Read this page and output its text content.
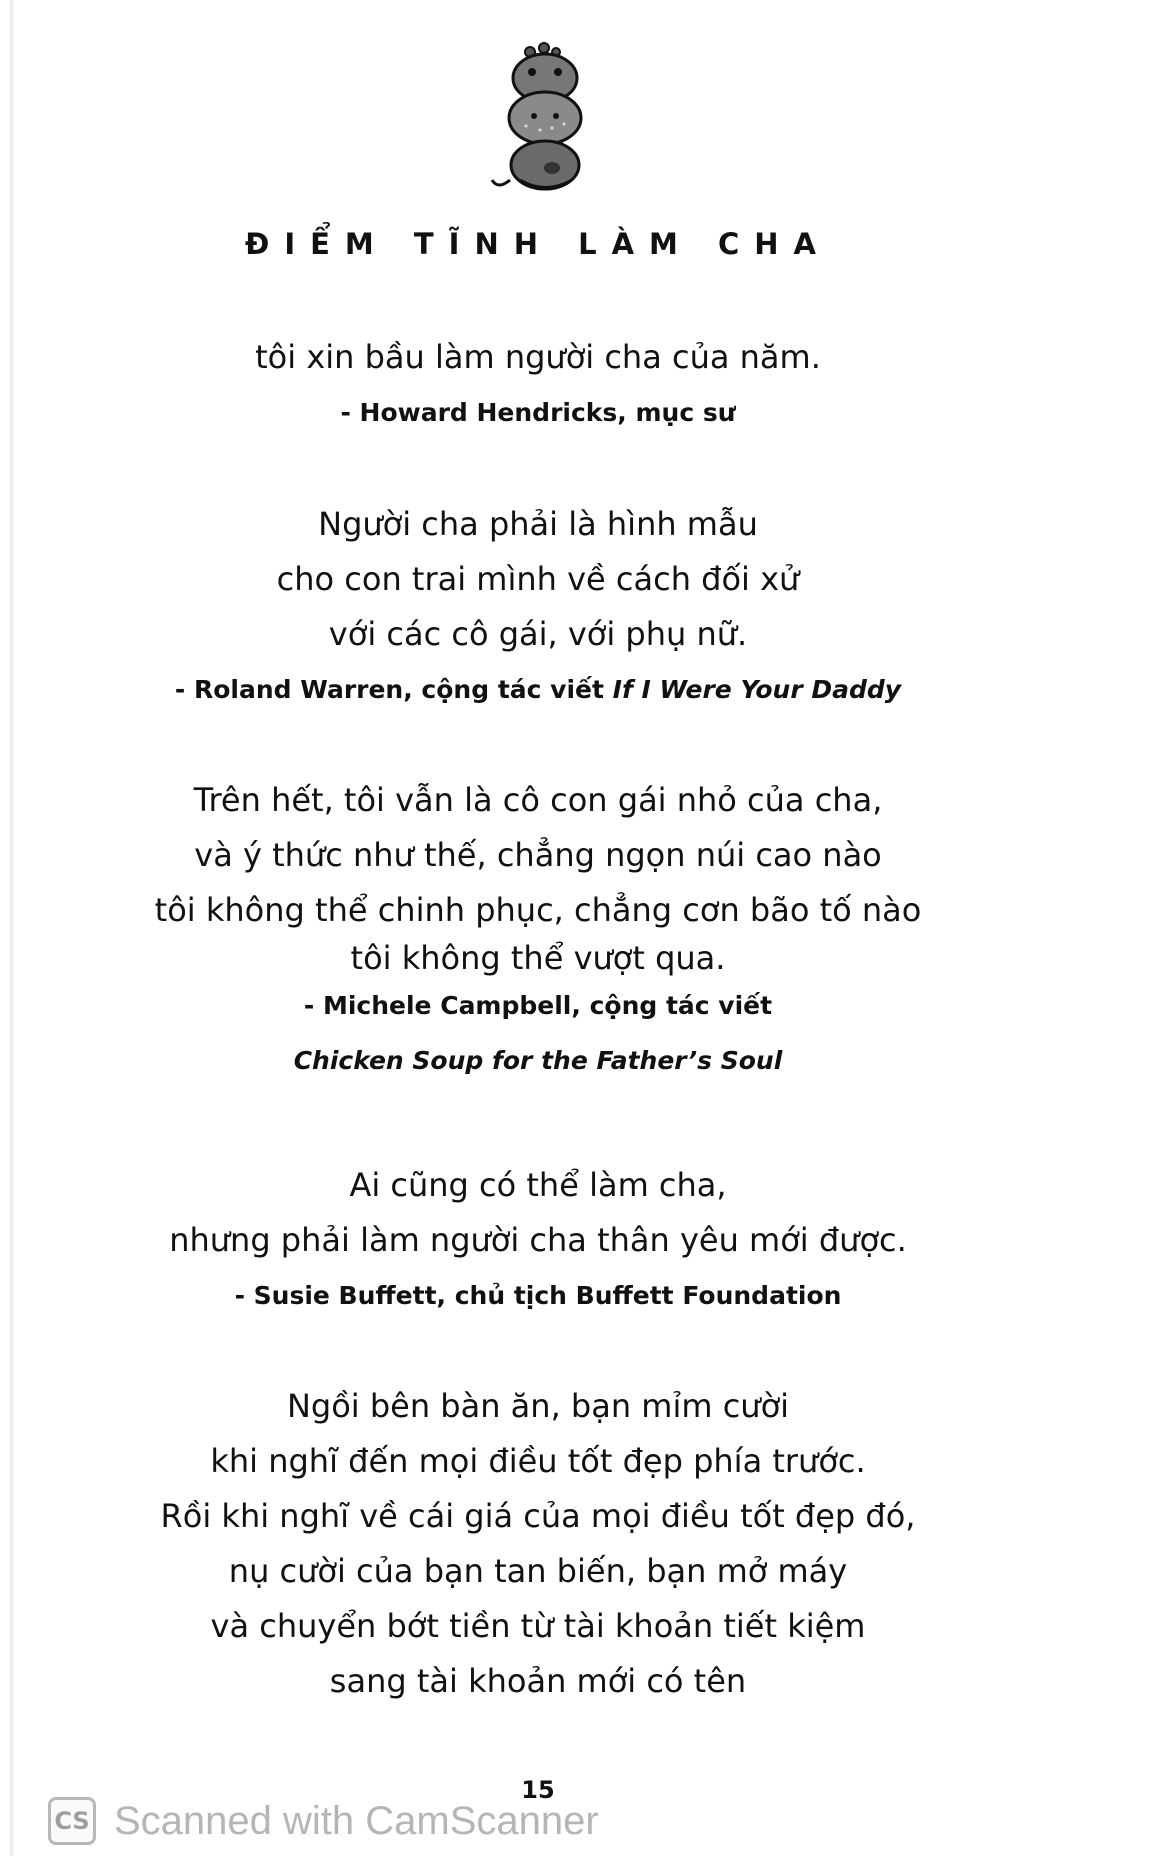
ĐIỂM TĨNH LÀM CHA
tôi xin bầu làm người cha của năm.
- Howard Hendricks, mục sư
Người cha phải là hình mẫu
cho con trai mình về cách đối xử
với các cô gái, với phụ nữ.
- Roland Warren, cộng tác viết If I Were Your Daddy
Trên hết, tôi vẫn là cô con gái nhỏ của cha,
và ý thức như thế, chẳng ngọn núi cao nào
tôi không thể chinh phục, chẳng cơn bão tố nào
tôi không thể vượt qua.
- Michele Campbell, cộng tác viết
Chicken Soup for the Father’s Soul
Ai cũng có thể làm cha,
nhưng phải làm người cha thân yêu mới được.
- Susie Buffett, chủ tịch Buffett Foundation
Ngồi bên bàn ăn, bạn mỉm cười
khi nghĩ đến mọi điều tốt đẹp phía trước.
Rồi khi nghĩ về cái giá của mọi điều tốt đẹp đó,
nụ cười của bạn tan biến, bạn mở máy
và chuyển bớt tiền từ tài khoản tiết kiệm
sang tài khoản mới có tên
15
CS Scanned with CamScanner
